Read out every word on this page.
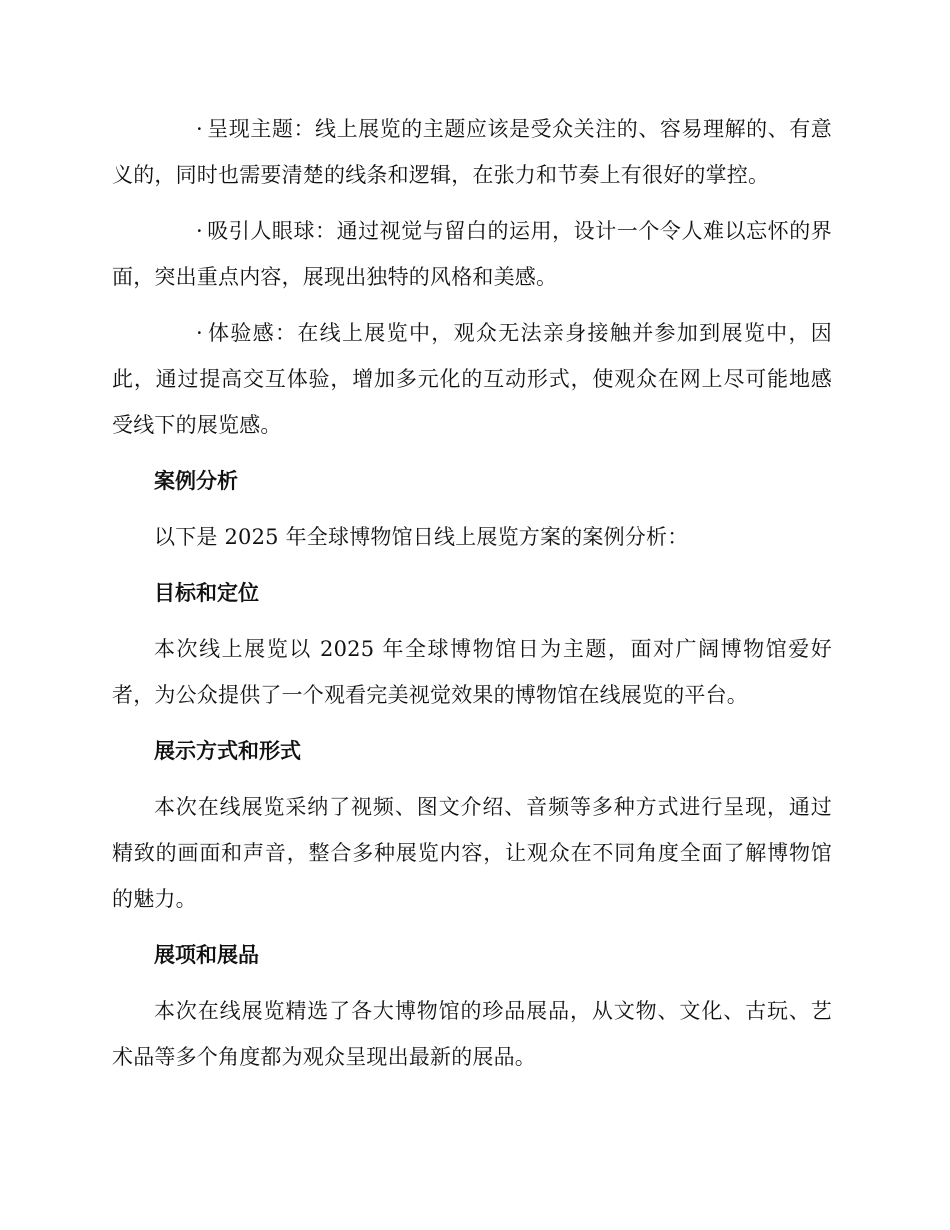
· 呈现主题：线上展览的主题应该是受众关注的、容易理解的、有意义的，同时也需要清楚的线条和逻辑，在张力和节奏上有很好的掌控。

· 吸引人眼球：通过视觉与留白的运用，设计一个令人难以忘怀的界面，突出重点内容，展现出独特的风格和美感。

· 体验感：在线上展览中，观众无法亲身接触并参加到展览中，因此，通过提高交互体验，增加多元化的互动形式，使观众在网上尽可能地感受线下的展览感。

案例分析

以下是 2025 年全球博物馆日线上展览方案的案例分析：

目标和定位

本次线上展览以 2025 年全球博物馆日为主题，面对广阔博物馆爱好者，为公众提供了一个观看完美视觉效果的博物馆在线展览的平台。

展示方式和形式

本次在线展览采纳了视频、图文介绍、音频等多种方式进行呈现，通过精致的画面和声音，整合多种展览内容，让观众在不同角度全面了解博物馆的魅力。

展项和展品

本次在线展览精选了各大博物馆的珍品展品，从文物、文化、古玩、艺术品等多个角度都为观众呈现出最新的展品。
